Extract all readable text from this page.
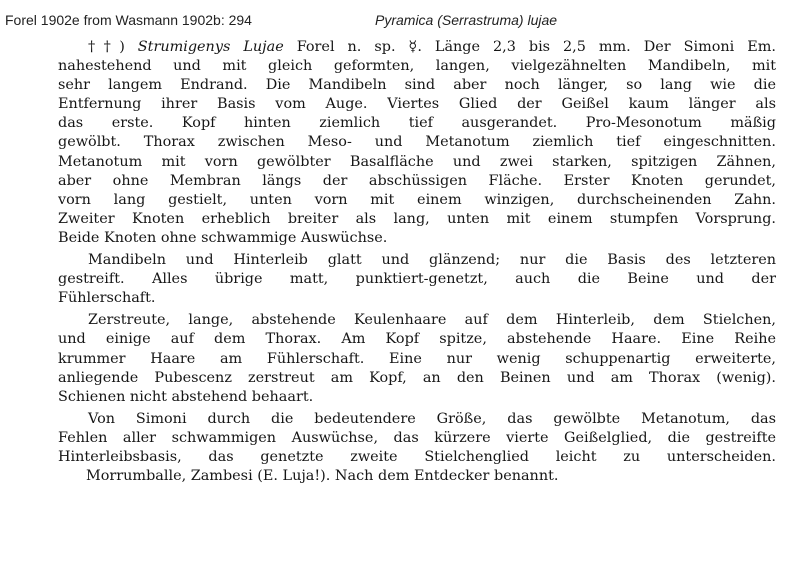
Forel 1902e from Wasmann 1902b: 294	Pyramica (Serrastruma) lujae
††) Strumigenys Lujae Forel n. sp. ☿. Länge 2,3 bis 2,5 mm. Der Simoni Em.
nahestehend und mit gleich geformten, langen, vielgezähnelten Mandibeln, mit
sehr langem Endrand. Die Mandibeln sind aber noch länger, so lang wie die
Entfernung ihrer Basis vom Auge. Viertes Glied der Geißel kaum länger als
das erste. Kopf hinten ziemlich tief ausgerandet. Pro-Mesonotum mäßig
gewölbt. Thorax zwischen Meso- und Metanotum ziemlich tief eingeschnitten.
Metanotum mit vorn gewölbter Basalfläche und zwei starken, spitzigen Zähnen,
aber ohne Membran längs der abschüssigen Fläche. Erster Knoten gerundet,
vorn lang gestielt, unten vorn mit einem winzigen, durchscheinenden Zahn.
Zweiter Knoten erheblich breiter als lang, unten mit einem stumpfen Vorsprung.
Beide Knoten ohne schwammige Auswüchse.
Mandibeln und Hinterleib glatt und glänzend; nur die Basis des letzteren
gestreift. Alles übrige matt, punktiert-genetzt, auch die Beine und der
Fühlerschaft.
Zerstreute, lange, abstehende Keulenhaare auf dem Hinterleib, dem Stielchen,
und einige auf dem Thorax. Am Kopf spitze, abstehende Haare. Eine Reihe
krummer Haare am Fühlerschaft. Eine nur wenig schuppenartig erweiterte,
anliegende Pubescenz zerstreut am Kopf, an den Beinen und am Thorax (wenig).
Schienen nicht abstehend behaart.
Von Simoni durch die bedeutendere Größe, das gewölbte Metanotum, das
Fehlen aller schwammigen Auswüchse, das kürzere vierte Geißelglied, die gestreifte
Hinterleibsbasis, das genetzte zweite Stielchenglied leicht zu unterscheiden.
Morrumballe, Zambesi (E. Luja!). Nach dem Entdecker benannt.
